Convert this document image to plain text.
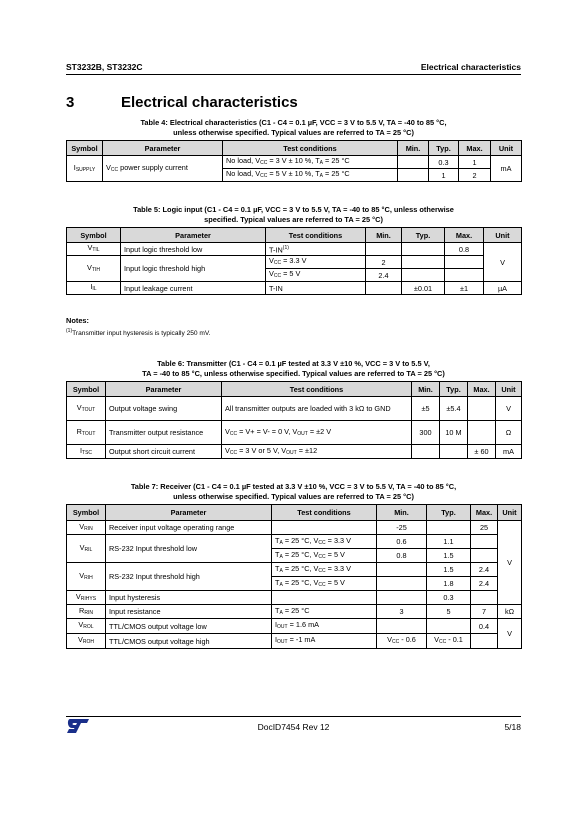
ST3232B, ST3232C	Electrical characteristics
3	Electrical characteristics
Table 4: Electrical characteristics (C1 - C4 = 0.1 µF, VCC = 3 V to 5.5 V, TA = -40 to 85 °C,
unless otherwise specified. Typical values are referred to TA = 25 °C)
Symbol	Parameter	Test conditions	Min.	Typ.	Max.	Unit
$I_{SUPPLY}$	$V_{CC}$ power supply current	No load, $V_{CC} = 3$ V ± 10 %, $T_A = 25$ °C		0.3	1	mA
		No load, $V_{CC} = 5$ V ± 10 %, $T_A = 25$ °C		1	2	
Table 5: Logic input (C1 - C4 = 0.1 µF, VCC = 3 V to 5.5 V, TA = -40 to 85 °C, unless otherwise
specified. Typical values are referred to TA = 25 °C)
Symbol	Parameter	Test conditions	Min.	Typ.	Max.	Unit
$V_{TIL}$	Input logic threshold low	T-IN$^{(1)}$			0.8	V
$V_{TIH}$	Input logic threshold high	$V_{CC} = 3.3$ V	2			
		$V_{CC} = 5$ V	2.4			
$I_{IL}$	Input leakage current	T-IN		±0.01	±1	µA
Notes:
$^{(1)}$Transmitter input hysteresis is typically 250 mV.
Table 6: Transmitter (C1 - C4 = 0.1 µF tested at 3.3 V ±10 %, VCC = 3 V to 5.5 V,
TA = -40 to 85 °C, unless otherwise specified. Typical values are referred to TA = 25 °C)
Symbol	Parameter	Test conditions	Min.	Typ.	Max.	Unit
$V_{TOUT}$	Output voltage swing	All transmitter outputs are loaded with 3 kΩ to GND	±5	±5.4		V
$R_{TOUT}$	Transmitter output resistance	$V_{CC} = V+ = V- = 0$ V, $V_{OUT} = \pm 2$ V	300	10 M		Ω
$I_{TSC}$	Output short circuit current	$V_{CC} = 3$ V or 5 V, $V_{OUT} = \pm 12$			± 60	mA
Table 7: Receiver (C1 - C4 = 0.1 µF tested at 3.3 V ±10 %, VCC = 3 V to 5.5 V, TA = -40 to 85 °C,
unless otherwise specified. Typical values are referred to TA = 25 °C)
Symbol	Parameter	Test conditions	Min.	Typ.	Max.	Unit
$V_{RIN}$	Receiver input voltage operating range		-25		25	V
$V_{RIL}$	RS-232 Input threshold low	$T_A = 25$ °C, $V_{CC} = 3.3$ V	0.6	1.1		
		$T_A = 25$ °C, $V_{CC} = 5$ V	0.8	1.5		
$V_{RIH}$	RS-232 Input threshold high	$T_A = 25$ °C, $V_{CC} = 3.3$ V		1.5	2.4	
		$T_A = 25$ °C, $V_{CC} = 5$ V		1.8	2.4	
$V_{RIHYS}$	Input hysteresis			0.3		
$R_{RIN}$	Input resistance	$T_A = 25$ °C	3	5	7	kΩ
$V_{ROL}$	TTL/CMOS output voltage low	$I_{OUT} = 1.6$ mA			0.4	V
$V_{ROH}$	TTL/CMOS output voltage high	$I_{OUT} = -1$ mA	$V_{CC} - 0.6$	$V_{CC} - 0.1$		
DocID7454 Rev 12	5/18
